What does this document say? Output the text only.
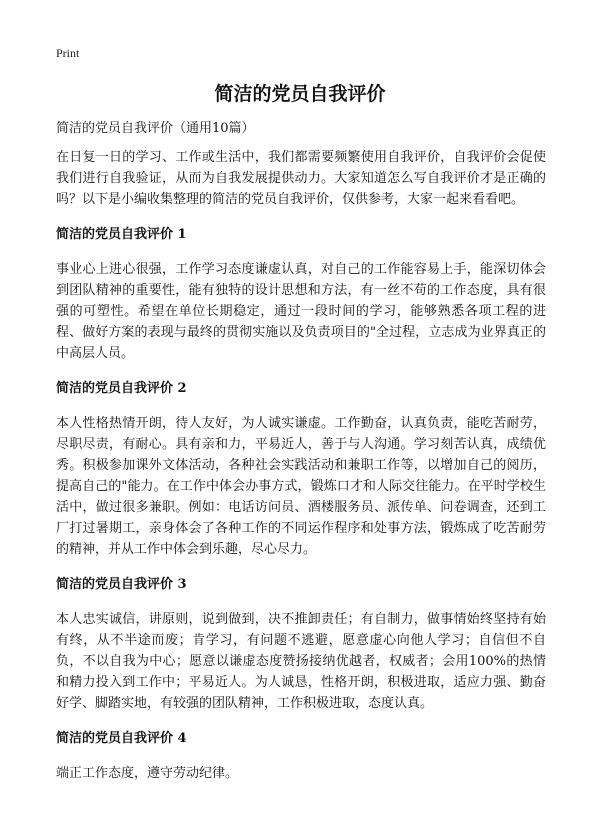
Print
简洁的党员自我评价

简洁的党员自我评价（通用10篇）

在日复一日的学习、工作或生活中，我们都需要频繁使用自我评价，自我评价会促使我们进行自我验证，从而为自我发展提供动力。大家知道怎么写自我评价才是正确的吗？以下是小编收集整理的简洁的党员自我评价，仅供参考，大家一起来看看吧。

简洁的党员自我评价 1

事业心上进心很强，工作学习态度谦虚认真，对自己的工作能容易上手，能深切体会到团队精神的重要性，能有独特的设计思想和方法，有一丝不苟的工作态度，具有很强的可塑性。希望在单位长期稳定，通过一段时间的学习，能够熟悉各项工程的进程、做好方案的表现与最终的贯彻实施以及负责项目的"全过程，立志成为业界真正的中高层人员。

简洁的党员自我评价 2

本人性格热情开朗，待人友好，为人诚实谦虚。工作勤奋，认真负责，能吃苦耐劳，尽职尽责，有耐心。具有亲和力，平易近人，善于与人沟通。学习刻苦认真，成绩优秀。积极参加课外文体活动，各种社会实践活动和兼职工作等，以增加自己的阅历，提高自己的"能力。在工作中体会办事方式，锻炼口才和人际交往能力。在平时学校生活中，做过很多兼职。例如：电话访问员、酒楼服务员、派传单、问卷调查，还到工厂打过暑期工，亲身体会了各种工作的不同运作程序和处事方法，锻炼成了吃苦耐劳的精神，并从工作中体会到乐趣，尽心尽力。

简洁的党员自我评价 3

本人忠实诚信，讲原则，说到做到，决不推卸责任；有自制力，做事情始终坚持有始有终，从不半途而废；肯学习，有问题不逃避，愿意虚心向他人学习；自信但不自负，不以自我为中心；愿意以谦虚态度赞扬接纳优越者，权威者；会用100%的热情和精力投入到工作中；平易近人。为人诚恳，性格开朗，积极进取，适应力强、勤奋好学、脚踏实地，有较强的团队精神，工作积极进取，态度认真。

简洁的党员自我评价 4

端正工作态度，遵守劳动纪律。
